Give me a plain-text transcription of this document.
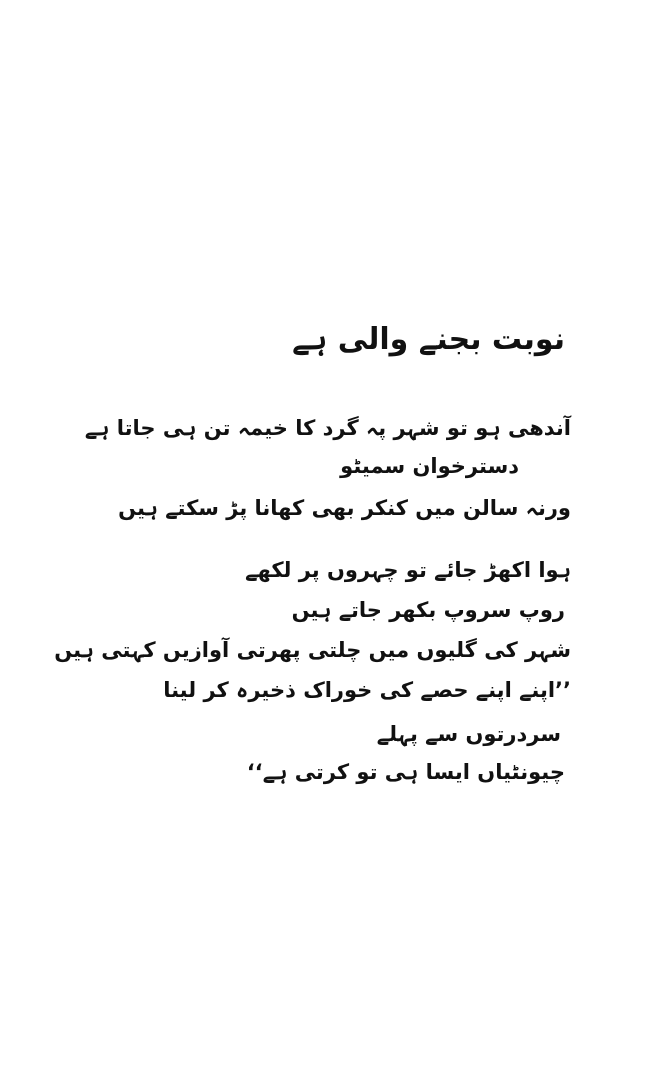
نوبت بجنے والی ہے
آندھی ہو تو شہر پہ گرد کا خیمہ تن ہی جاتا ہے
دسترخوان سمیٹو
ورنہ سالن میں کنکر بھی کھانا پڑ سکتے ہیں
ہوا اکھڑ جائے تو چہروں پر لکھے
روپ سروپ بکھر جاتے ہیں
شہر کی گلیوں میں چلتی پھرتی آوازیں کہتی ہیں
’’اپنے اپنے حصے کی خوراک ذخیرہ کر لینا
سردرتوں سے پہلے
چیونٹیاں ایسا ہی تو کرتی ہے‘‘
